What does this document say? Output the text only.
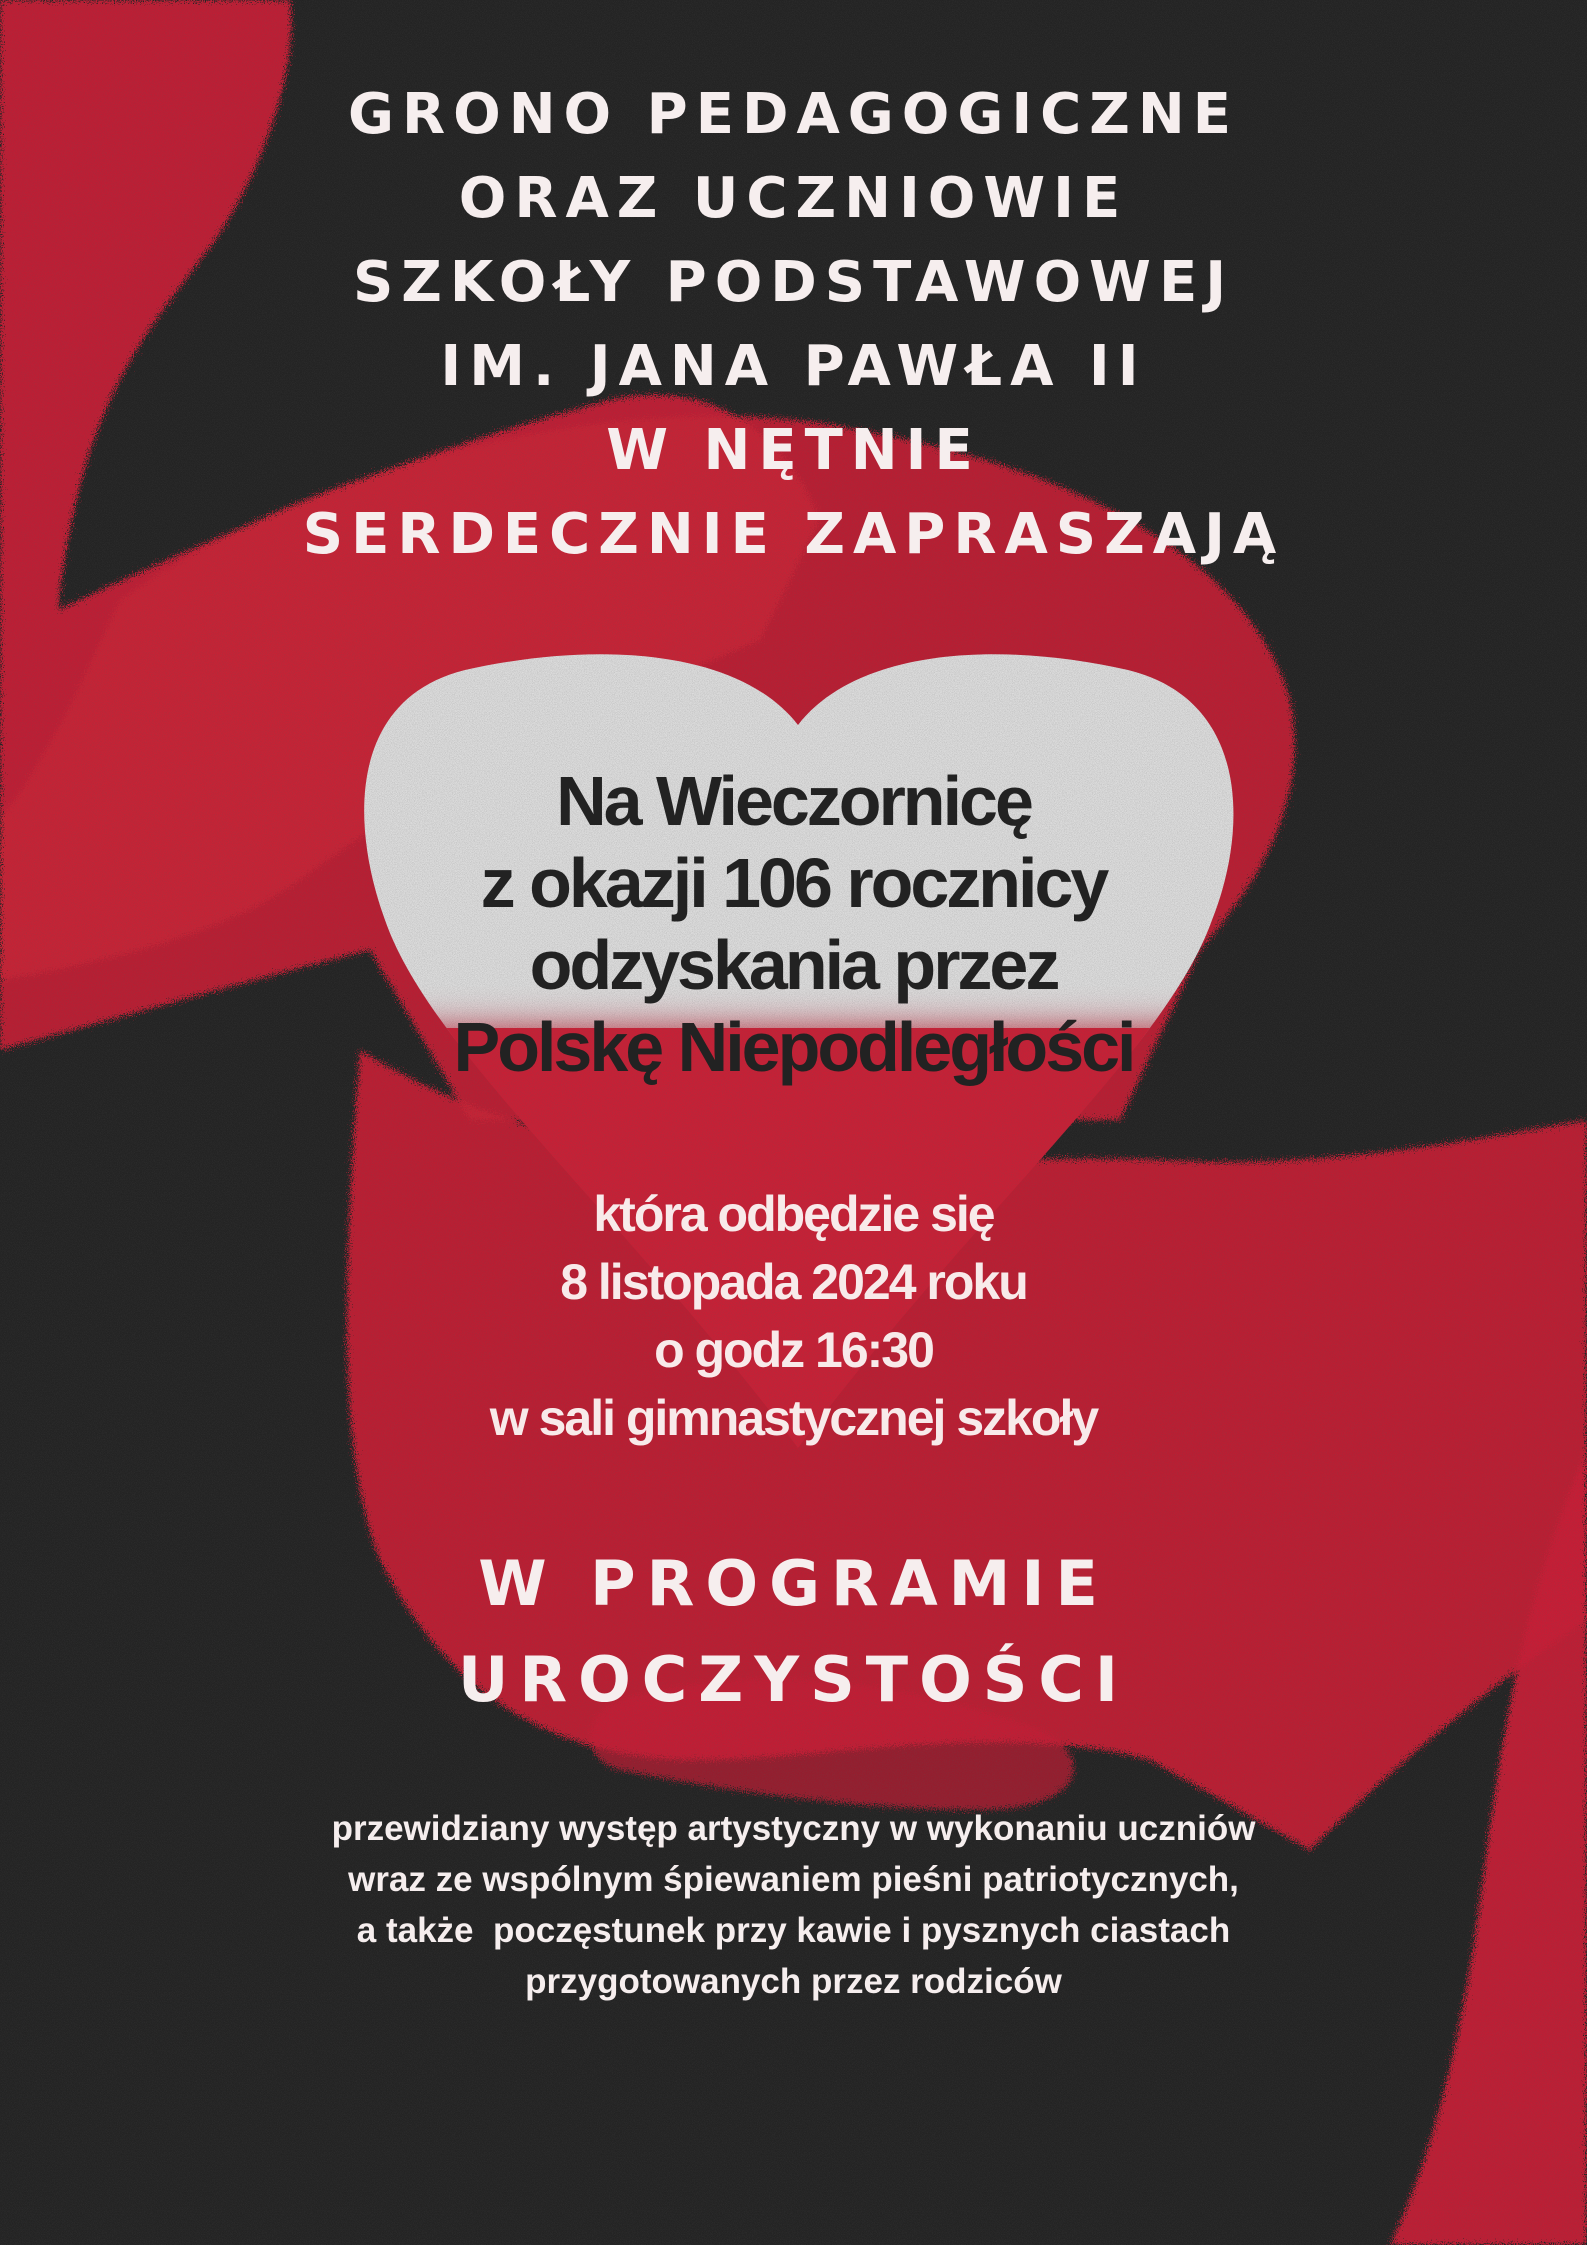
GRONO PEDAGOGICZNE
ORAZ UCZNIOWIE
SZKOŁY PODSTAWOWEJ
IM. JANA PAWŁA II
W NĘTNIE
SERDECZNIE ZAPRASZAJĄ
Na Wieczornicę
z okazji 106 rocznicy
odzyskania przez
Polskę Niepodległości
która odbędzie się
8 listopada 2024 roku
o godz 16:30
w sali gimnastycznej szkoły
W PROGRAMIE
UROCZYSTOŚCI
przewidziany występ artystyczny w wykonaniu uczniów
wraz ze wspólnym śpiewaniem pieśni patriotycznych,
a także  poczęstunek przy kawie i pysznych ciastach
przygotowanych przez rodziców
